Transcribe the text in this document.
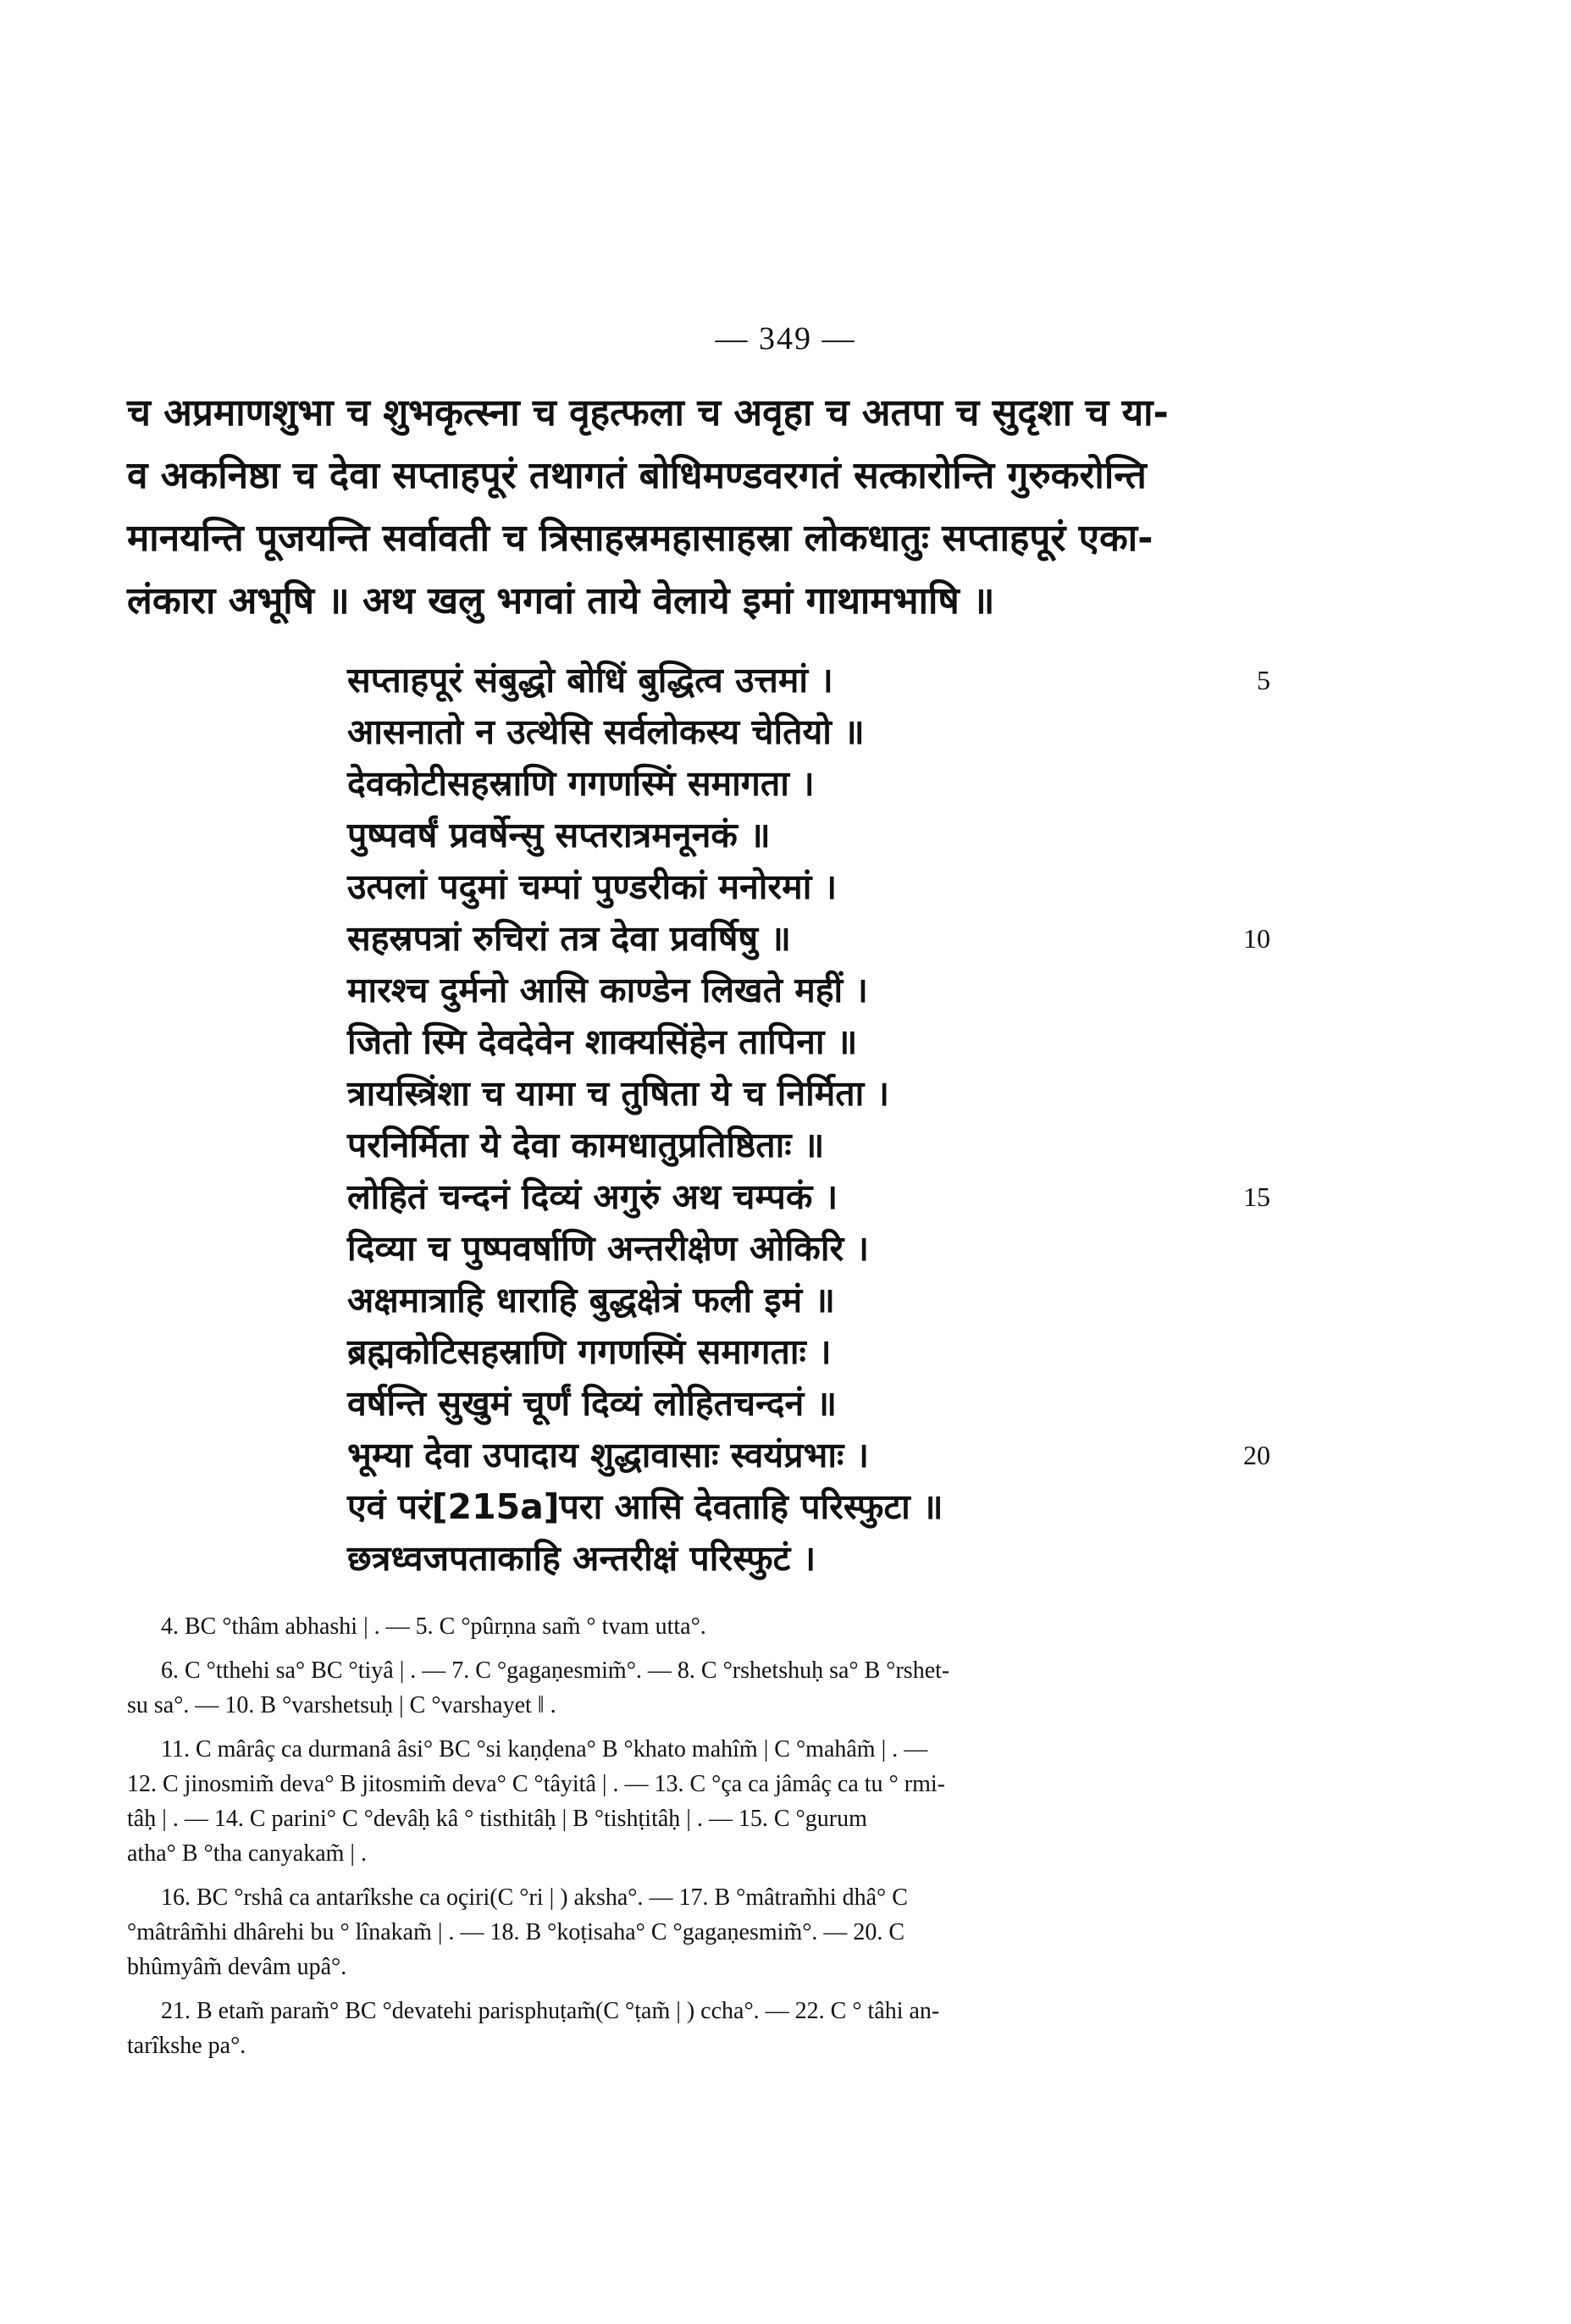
— 349 —
च अप्रमाणशुभा च शुभकृत्स्ना च वृहत्फला च अवृहा च अतपा च सुदृशा च या-
व अकनिष्ठा च देवा सप्ताहपूरं तथागतं बोधिमण्डवरगतं सत्कारोन्ति गुरुकरोन्ति
मानयन्ति पूजयन्ति सर्वावती च त्रिसाहस्रमहासाहस्रा लोकधातुः सप्ताहपूरं एका-
लंकारा अभूषि ॥ अथ खलु भगवां ताये वेलाये इमां गाथामभाषि ॥
सप्ताहपूरं संबुद्धो बोधिं बुद्धित्व उत्तमां ।
आसनातो न उत्थेसि सर्वलोकस्य चेतियो ॥
देवकोटीसहस्राणि गगणस्मिं समागता ।
पुष्पवर्षं प्रवर्षेन्सु सप्तरात्रमनूनकं ॥
उत्पलां पदुमां चम्पां पुण्डरीकां मनोरमां ।
सहस्रपत्रां रुचिरां तत्र देवा प्रवर्षिषु ॥
मारश्च दुर्मनो आसि काण्डेन लिखते महीं ।
जितो स्मि देवदेवेन शाक्यसिंहेन तापिना ॥
त्रायस्त्रिंशा च यामा च तुषिता ये च निर्मिता ।
परनिर्मिता ये देवा कामधातुप्रतिष्ठिताः ॥
लोहितं चन्दनं दिव्यं अगुरुं अथ चम्पकं ।
दिव्या च पुष्पवर्षाणि अन्तरीक्षेण ओकिरि ।
अक्षमात्राहि धाराहि बुद्धक्षेत्रं फली इमं ॥
ब्रह्मकोटिसहस्राणि गगणस्मिं समागताः ।
वर्षन्ति सुखुमं चूर्णं दिव्यं लोहितचन्दनं ॥
भूम्या देवा उपादाय शुद्धावासाः स्वयंप्रभाः ।
एवं परं[215a]परा आसि देवताहि परिस्फुटा ॥
छत्रध्वजपताकाहि अन्तरीक्षं परिस्फुटं ।
5
10
15
20
4. BC °thâm abhashi | . — 5. C °pûrṇna sam̃ ° tvam utta°.
6. C °tthehi sa° BC °tiyâ | . — 7. C °gagaṇesmim̃°. — 8. C °rshetshuḥ sa° B °rshet-
su sa°. — 10. B °varshetsuḥ | C °varshayet ‖ .
11. C mârâç ca durmanâ âsi° BC °si kaṇḍena° B °khato mahîm̃ | C °mahâm̃ | . —
12. C jinosmim̃ deva° B jitosmim̃ deva° C °tâyitâ | . — 13. C °ça ca jâmâç ca tu ° rmi-
tâḥ | . — 14. C parini° C °devâḥ kâ ° tisthitâḥ | B °tishṭitâḥ | . — 15. C °gurum
atha° B °tha canyakam̃ | .
16. BC °rshâ ca antarîkshe ca oçiri(C °ri | ) aksha°. — 17. B °mâtram̃hi dhâ° C
°mâtrâm̃hi dhârehi bu ° lînakam̃ | . — 18. B °koṭisaha° C °gagaṇesmim̃°. — 20. C
bhûmyâm̃ devâm upâ°.
21. B etam̃ param̃° BC °devatehi parisphuṭam̃(C °ṭam̃ | ) ccha°. — 22. C ° tâhi an-
tarîkshe pa°.
